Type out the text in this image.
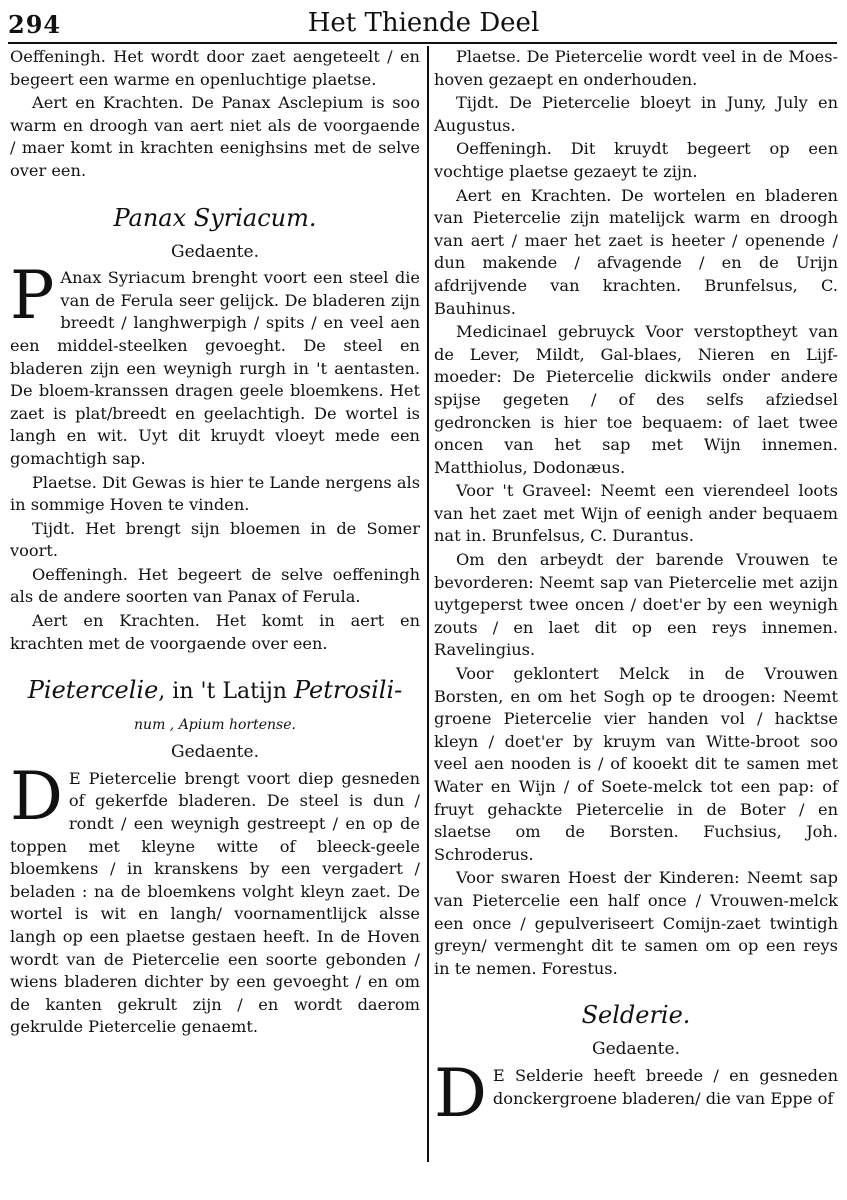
294	Het Thiende Deel

Oeffeningh. Het wordt door zaet aengeteelt / en begeert een warme en openluchtige plaetse.

Aert en Krachten. De Panax Asclepium is soo warm en droogh van aert niet als de voorgaende / maer komt in krachten eenighsins met de selve over een.

Panax Syriacum.
Gedaente.

P Anax Syriacum brenght voort een steel die van de Ferula seer gelijck. De bladeren zijn breedt / langhwerpigh / spits / en veel aen een middel-steelken gevoeght. De steel en bladeren zijn een weynigh rurgh in 't aentasten. De bloem-kranssen dragen geele bloemkens. Het zaet is plat/breedt en geelachtigh. De wortel is langh en wit. Uyt dit kruydt vloeyt mede een gomachtigh sap.

Plaetse. Dit Gewas is hier te Lande nergens als in sommige Hoven te vinden.

Tijdt. Het brengt sijn bloemen in de Somer voort.

Oeffeningh. Het begeert de selve oeffeningh als de andere soorten van Panax of Ferula.

Aert en Krachten. Het komt in aert en krachten met de voorgaende over een.

Pietercelie, in 't Latijn Petrosili-
num , Apium hortense.
Gedaente.

D E Pietercelie brengt voort diep gesneden of gekerfde bladeren. De steel is dun / rondt / een weynigh gestreept / en op de toppen met kleyne witte of bleeck-geele bloemkens / in kranskens by een vergadert / beladen : na de bloemkens volght kleyn zaet. De wortel is wit en langh/ voornamentlijck alsse langh op een plaetse gestaen heeft. In de Hoven wordt van de Pietercelie een soorte gebonden / wiens bladeren dichter by een gevoeght / en om de kanten gekrult zijn / en wordt daerom gekrulde Pietercelie genaemt.

Plaetse. De Pietercelie wordt veel in de Moes-hoven gezaept en onderhouden.

Tijdt. De Pietercelie bloeyt in Juny, July en Augustus.

Oeffeningh. Dit kruydt begeert op een vochtige plaetse gezaeyt te zijn.

Aert en Krachten. De wortelen en bladeren van Pietercelie zijn matelijck warm en droogh van aert / maer het zaet is heeter / openende / dun makende / afvagende / en de Urijn afdrijvende van krachten. Brunfelsus, C. Bauhinus.

Medicinael gebruyck Voor verstoptheyt van de Lever, Mildt, Gal-blaes, Nieren en Lijf-moeder: De Pietercelie dickwils onder andere spijse gegeten / of des selfs afziedsel gedroncken is hier toe bequaem: of laet twee oncen van het sap met Wijn innemen. Matthiolus, Dodonæus.

Voor 't Graveel: Neemt een vierendeel loots van het zaet met Wijn of eenigh ander bequaem nat in. Brunfelsus, C. Durantus.

Om den arbeydt der barende Vrouwen te bevorderen: Neemt sap van Pietercelie met azijn uytgeperst twee oncen / doet'er by een weynigh zouts / en laet dit op een reys innemen. Ravelingius.

Voor geklontert Melck in de Vrouwen Borsten, en om het Sogh op te droogen: Neemt groene Pietercelie vier handen vol / hacktse kleyn / doet'er by kruym van Witte-broot soo veel aen nooden is / of kooekt dit te samen met Water en Wijn / of Soete-melck tot een pap: of fruyt gehackte Pietercelie in de Boter / en slaetse om de Borsten. Fuchsius, Joh. Schroderus.

Voor swaren Hoest der Kinderen: Neemt sap van Pietercelie een half once / Vrouwen-melck een once / gepulveriseert Comijn-zaet twintigh greyn/ vermenght dit te samen om op een reys in te nemen. Forestus.

Selderie.
Gedaente.

D E Selderie heeft breede / en gesneden donckergroene bladeren/ die van Eppe of
